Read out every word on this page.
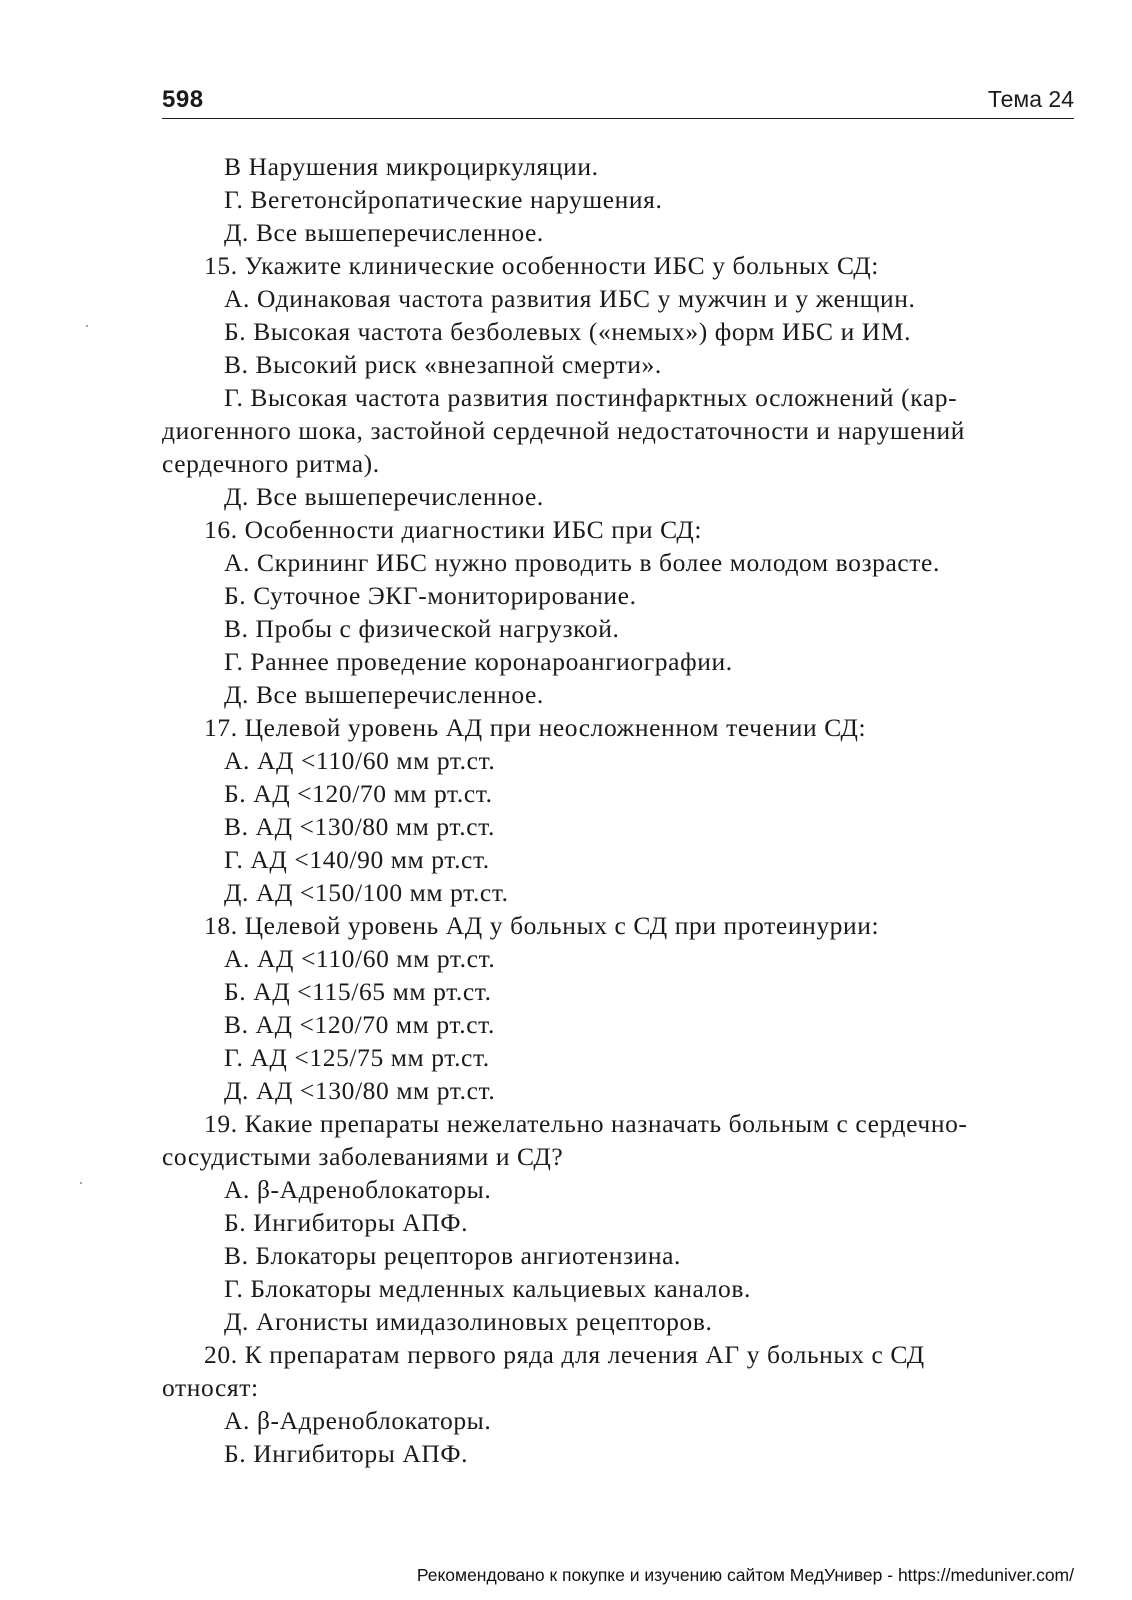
598	Тема 24

В Нарушения микроциркуляции.

Г. Вегетонсйропатические нарушения.

Д. Все вышеперечисленное.

15. Укажите клинические особенности ИБС у больных СД:

А. Одинаковая частота развития ИБС у мужчин и у женщин.

Б. Высокая частота безболевых («немых») форм ИБС и ИМ.

В. Высокий риск «внезапной смерти».

Г. Высокая частота развития постинфарктных осложнений (кар-

диогенного шока, застойной сердечной недостаточности и нарушений

сердечного ритма).

Д. Все вышеперечисленное.

16. Особенности диагностики ИБС при СД:

А. Скрининг ИБС нужно проводить в более молодом возрасте.

Б. Суточное ЭКГ-мониторирование.

В. Пробы с физической нагрузкой.

Г. Раннее проведение коронароангиографии.

Д. Все вышеперечисленное.

17. Целевой уровень АД при неосложненном течении СД:

А. АД <110/60 мм рт.ст.

Б. АД <120/70 мм рт.ст.

В. АД <130/80 мм рт.ст.

Г. АД <140/90 мм рт.ст.

Д. АД <150/100 мм рт.ст.

18. Целевой уровень АД у больных с СД при протеинурии:

А. АД <110/60 мм рт.ст.

Б. АД <115/65 мм рт.ст.

В. АД <120/70 мм рт.ст.

Г. АД <125/75 мм рт.ст.

Д. АД <130/80 мм рт.ст.

19. Какие препараты нежелательно назначать больным с сердечно-

сосудистыми заболеваниями и СД?

А. β-Адреноблокаторы.

Б. Ингибиторы АПФ.

В. Блокаторы рецепторов ангиотензина.

Г. Блокаторы медленных кальциевых каналов.

Д. Агонисты имидазолиновых рецепторов.

20. К препаратам первого ряда для лечения АГ у больных с СД

относят:

А. β-Адреноблокаторы.

Б. Ингибиторы АПФ.

Рекомендовано к покупке и изучению сайтом МедУнивер - https://meduniver.com/
